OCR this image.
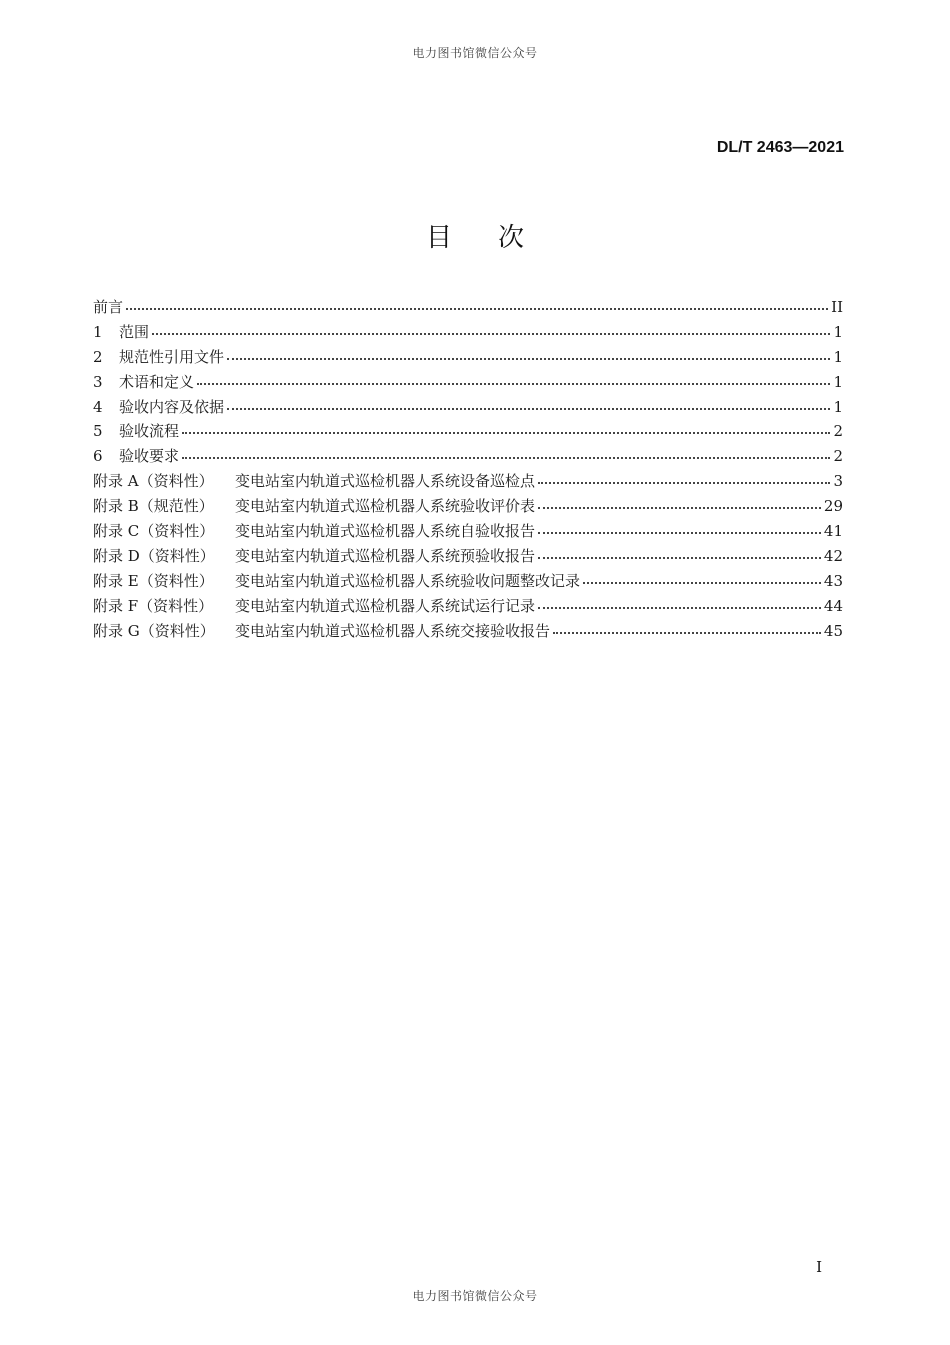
电力图书馆微信公众号
DL/T 2463—2021
目次
前言	II
1	范围	1
2	规范性引用文件	1
3	术语和定义	1
4	验收内容及依据	1
5	验收流程	2
6	验收要求	2
附录 A（资料性）	变电站室内轨道式巡检机器人系统设备巡检点	3
附录 B（规范性）	变电站室内轨道式巡检机器人系统验收评价表	29
附录 C（资料性）	变电站室内轨道式巡检机器人系统自验收报告	41
附录 D（资料性）	变电站室内轨道式巡检机器人系统预验收报告	42
附录 E（资料性）	变电站室内轨道式巡检机器人系统验收问题整改记录	43
附录 F（资料性）	变电站室内轨道式巡检机器人系统试运行记录	44
附录 G（资料性）	变电站室内轨道式巡检机器人系统交接验收报告	45
I
电力图书馆微信公众号
